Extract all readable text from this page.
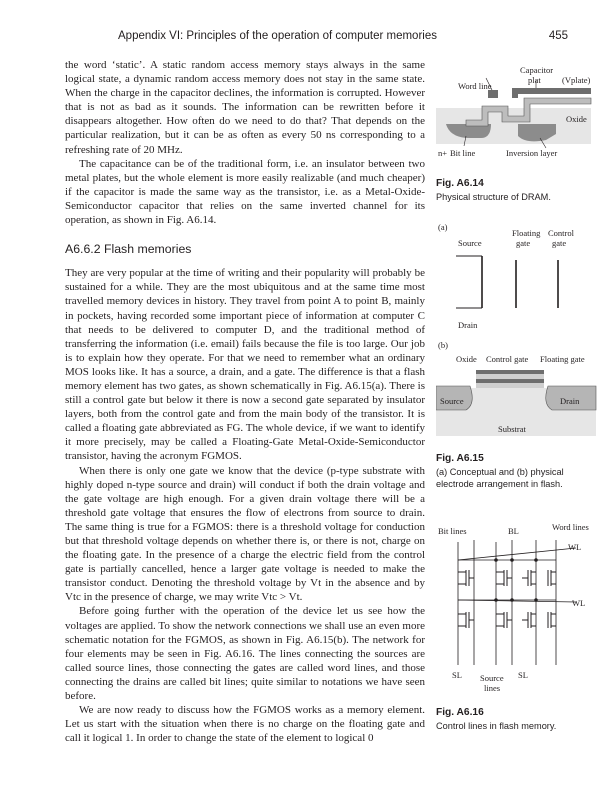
Appendix VI: Principles of the operation of computer memories	455

the word ‘static’. A static random access memory stays always in the same logical state, a dynamic random access memory does not stay in the same state. When the charge in the capacitor declines, the information is corrupted. However that is not as bad as it sounds. The information can be rewritten before it disappears altogether. How often do we need to do that? That depends on the particular realization, but it can be as often as every 50 ns corresponding to a refreshing rate of 20 MHz.

The capacitance can be of the traditional form, i.e. an insulator between two metal plates, but the whole element is more easily realizable (and much cheaper) if the capacitor is made the same way as the transistor, i.e. as a Metal-Oxide-Semiconductor capacitor that relies on the same inverted channel for its operation, as shown in Fig. A6.14.

A6.6.2 Flash memories

They are very popular at the time of writing and their popularity will probably be sustained for a while. They are the most ubiquitous and at the same time most travelled memory devices in history. They travel from point A to point B, mainly in pockets, having recorded some important piece of information at computer C that needs to be delivered to computer D, and the traditional method of transferring the information (i.e. email) fails because the file is too large. Our job is to explain how they operate. For that we need to remember what an ordinary MOS looks like. It has a source, a drain, and a gate. The difference is that a flash memory element has two gates, as shown schematically in Fig. A6.15(a). There is still a control gate but below it there is now a second gate separated by insulator layers, both from the control gate and from the main body of the transistor. It is called a floating gate abbreviated as FG. The whole device, if we want to identify it more precisely, may be called a Floating-Gate Metal-Oxide-Semiconductor transistor, having the acronym FGMOS.

When there is only one gate we know that the device (p-type substrate with highly doped n-type source and drain) will conduct if both the drain voltage and the gate voltage are high enough. For a given drain voltage there will be a threshold gate voltage that ensures the flow of electrons from source to drain. The same thing is true for a FGMOS: there is a threshold voltage for conduction but that threshold voltage depends on whether there is, or there is not, charge on the floating gate. In the presence of a charge the electric field from the control gate is partially cancelled, hence a larger gate voltage is needed to make the transistor conduct. Denoting the threshold voltage by Vt in the absence and by Vtc in the presence of charge, we may write Vtc > Vt.

Before going further with the operation of the device let us see how the voltages are applied. To show the network connections we shall use an even more schematic notation for the FGMOS, as shown in Fig. A6.15(b). The network for four elements may be seen in Fig. A6.16. The lines connecting the sources are called source lines, those connecting the gates are called word lines, and those connecting the drains are called bit lines; quite similar to notations we have seen before.

We are now ready to discuss how the FGMOS works as a memory element. Let us start with the situation when there is no charge on the floating gate and call it logical 1. In order to change the state of the element to logical 0

Word line
Capacitor
plat	(Vplate)
Oxide
n+ Bit line	Inversion layer
Fig. A6.14
Physical structure of DRAM.
(a)
Floating
gate
Control
gate
Source
Drain
(b)
Oxide Control gate Floating gate
Source	Drain
Substrat
Fig. A6.15
(a) Conceptual and (b) physical electrode arrangement in flash.
Bit lines	BL	Word lines
WL
WL
SL Source
lines
SL
Fig. A6.16
Control lines in flash memory.
